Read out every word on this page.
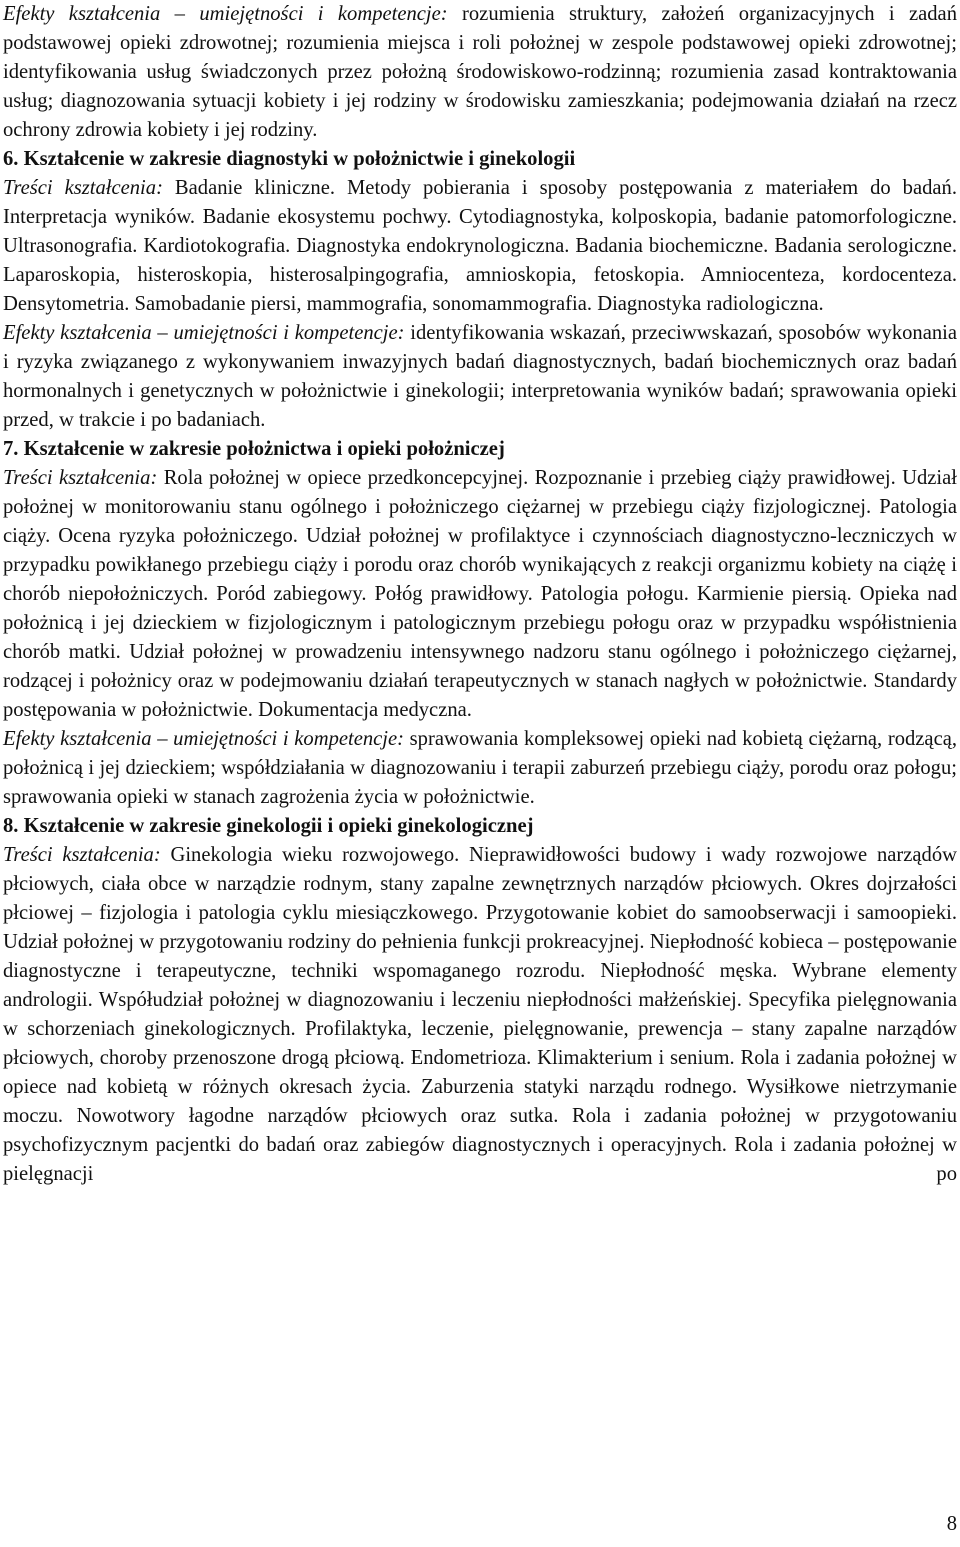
Efekty kształcenia – umiejętności i kompetencje: rozumienia struktury, założeń organizacyjnych i zadań podstawowej opieki zdrowotnej; rozumienia miejsca i roli położnej w zespole podstawowej opieki zdrowotnej; identyfikowania usług świadczonych przez położną środowiskowo-rodzinną; rozumienia zasad kontraktowania usług; diagnozowania sytuacji kobiety i jej rodziny w środowisku zamieszkania; podejmowania działań na rzecz ochrony zdrowia kobiety i jej rodziny.

6. Kształcenie w zakresie diagnostyki w położnictwie i ginekologii

Treści kształcenia: Badanie kliniczne. Metody pobierania i sposoby postępowania z materiałem do badań. Interpretacja wyników. Badanie ekosystemu pochwy. Cytodiagnostyka, kolposkopia, badanie patomorfologiczne. Ultrasonografia. Kardiotokografia. Diagnostyka endokrynologiczna. Badania biochemiczne. Badania serologiczne. Laparoskopia, histeroskopia, histerosalpingografia, amnioskopia, fetoskopia. Amniocenteza, kordocenteza. Densytometria. Samobadanie piersi, mammografia, sonomammografia. Diagnostyka radiologiczna.

Efekty kształcenia – umiejętności i kompetencje: identyfikowania wskazań, przeciwwskazań, sposobów wykonania i ryzyka związanego z wykonywaniem inwazyjnych badań diagnostycznych, badań biochemicznych oraz badań hormonalnych i genetycznych w położnictwie i ginekologii; interpretowania wyników badań; sprawowania opieki przed, w trakcie i po badaniach.

7. Kształcenie w zakresie położnictwa i opieki położniczej

Treści kształcenia: Rola położnej w opiece przedkoncepcyjnej. Rozpoznanie i przebieg ciąży prawidłowej. Udział położnej w monitorowaniu stanu ogólnego i położniczego ciężarnej w przebiegu ciąży fizjologicznej. Patologia ciąży. Ocena ryzyka położniczego. Udział położnej w profilaktyce i czynnościach diagnostyczno-leczniczych w przypadku powikłanego przebiegu ciąży i porodu oraz chorób wynikających z reakcji organizmu kobiety na ciążę i chorób niepołożniczych. Poród zabiegowy. Połóg prawidłowy. Patologia połogu. Karmienie piersią. Opieka nad położnicą i jej dzieckiem w fizjologicznym i patologicznym przebiegu połogu oraz w przypadku współistnienia chorób matki. Udział położnej w prowadzeniu intensywnego nadzoru stanu ogólnego i położniczego ciężarnej, rodzącej i położnicy oraz w podejmowaniu działań terapeutycznych w stanach nagłych w położnictwie. Standardy postępowania w położnictwie. Dokumentacja medyczna.

Efekty kształcenia – umiejętności i kompetencje: sprawowania kompleksowej opieki nad kobietą ciężarną, rodzącą, położnicą i jej dzieckiem; współdziałania w diagnozowaniu i terapii zaburzeń przebiegu ciąży, porodu oraz połogu; sprawowania opieki w stanach zagrożenia życia w położnictwie.

8. Kształcenie w zakresie ginekologii i opieki ginekologicznej

Treści kształcenia: Ginekologia wieku rozwojowego. Nieprawidłowości budowy i wady rozwojowe narządów płciowych, ciała obce w narządzie rodnym, stany zapalne zewnętrznych narządów płciowych. Okres dojrzałości płciowej – fizjologia i patologia cyklu miesiączkowego. Przygotowanie kobiet do samoobserwacji i samoopieki. Udział położnej w przygotowaniu rodziny do pełnienia funkcji prokreacyjnej. Niepłodność kobieca – postępowanie diagnostyczne i terapeutyczne, techniki wspomaganego rozrodu. Niepłodność męska. Wybrane elementy andrologii. Współudział położnej w diagnozowaniu i leczeniu niepłodności małżeńskiej. Specyfika pielęgnowania w schorzeniach ginekologicznych. Profilaktyka, leczenie, pielęgnowanie, prewencja – stany zapalne narządów płciowych, choroby przenoszone drogą płciową. Endometrioza. Klimakterium i senium. Rola i zadania położnej w opiece nad kobietą w różnych okresach życia. Zaburzenia statyki narządu rodnego. Wysiłkowe nietrzymanie moczu. Nowotwory łagodne narządów płciowych oraz sutka. Rola i zadania położnej w przygotowaniu psychofizycznym pacjentki do badań oraz zabiegów diagnostycznych i operacyjnych. Rola i zadania położnej w pielęgnacji po

8
